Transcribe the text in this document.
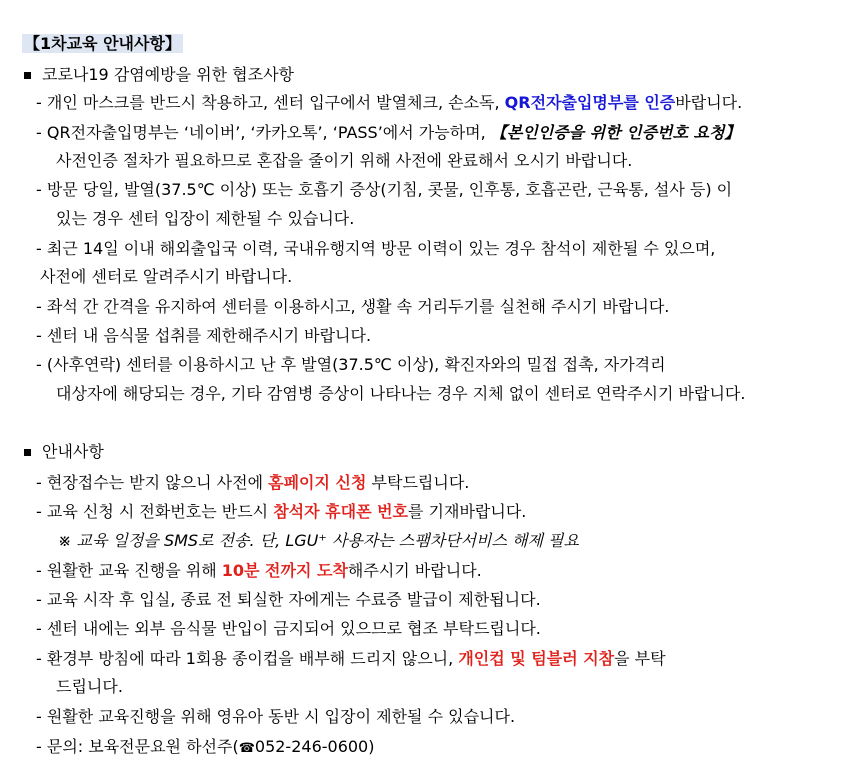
【1차교육 안내사항】
코로나19 감염예방을 위한 협조사항
- 개인 마스크를 반드시 착용하고, 센터 입구에서 발열체크, 손소독, QR전자출입명부를 인증바랍니다.
- QR전자출입명부는 ‘네이버’, ‘카카오톡’, ‘PASS’에서 가능하며, 【본인인증을 위한 인증번호 요청】
사전인증 절차가 필요하므로 혼잡을 줄이기 위해 사전에 완료해서 오시기 바랍니다.
- 방문 당일, 발열(37.5℃ 이상) 또는 호흡기 증상(기침, 콧물, 인후통, 호흡곤란, 근육통, 설사 등) 이
있는 경우 센터 입장이 제한될 수 있습니다.
- 최근 14일 이내 해외출입국 이력, 국내유행지역 방문 이력이 있는 경우 참석이 제한될 수 있으며,
사전에 센터로 알려주시기 바랍니다.
- 좌석 간 간격을 유지하여 센터를 이용하시고, 생활 속 거리두기를 실천해 주시기 바랍니다.
- 센터 내 음식물 섭취를 제한해주시기 바랍니다.
- (사후연락) 센터를 이용하시고 난 후 발열(37.5℃ 이상), 확진자와의 밀접 접촉, 자가격리
대상자에 해당되는 경우, 기타 감염병 증상이 나타나는 경우 지체 없이 센터로 연락주시기 바랍니다.
안내사항
- 현장접수는 받지 않으니 사전에 홈페이지 신청 부탁드립니다.
- 교육 신청 시 전화번호는 반드시 참석자 휴대폰 번호를 기재바랍니다.
※ 교육 일정을 SMS로 전송. 단, LGU⁺ 사용자는 스팸차단서비스 해제 필요
- 원활한 교육 진행을 위해 10분 전까지 도착해주시기 바랍니다.
- 교육 시작 후 입실, 종료 전 퇴실한 자에게는 수료증 발급이 제한됩니다.
- 센터 내에는 외부 음식물 반입이 금지되어 있으므로 협조 부탁드립니다.
- 환경부 방침에 따라 1회용 종이컵을 배부해 드리지 않으니, 개인컵 및 텀블러 지참을 부탁
드립니다.
- 원활한 교육진행을 위해 영유아 동반 시 입장이 제한될 수 있습니다.
- 문의: 보육전문요원 하선주(☎052-246-0600)
